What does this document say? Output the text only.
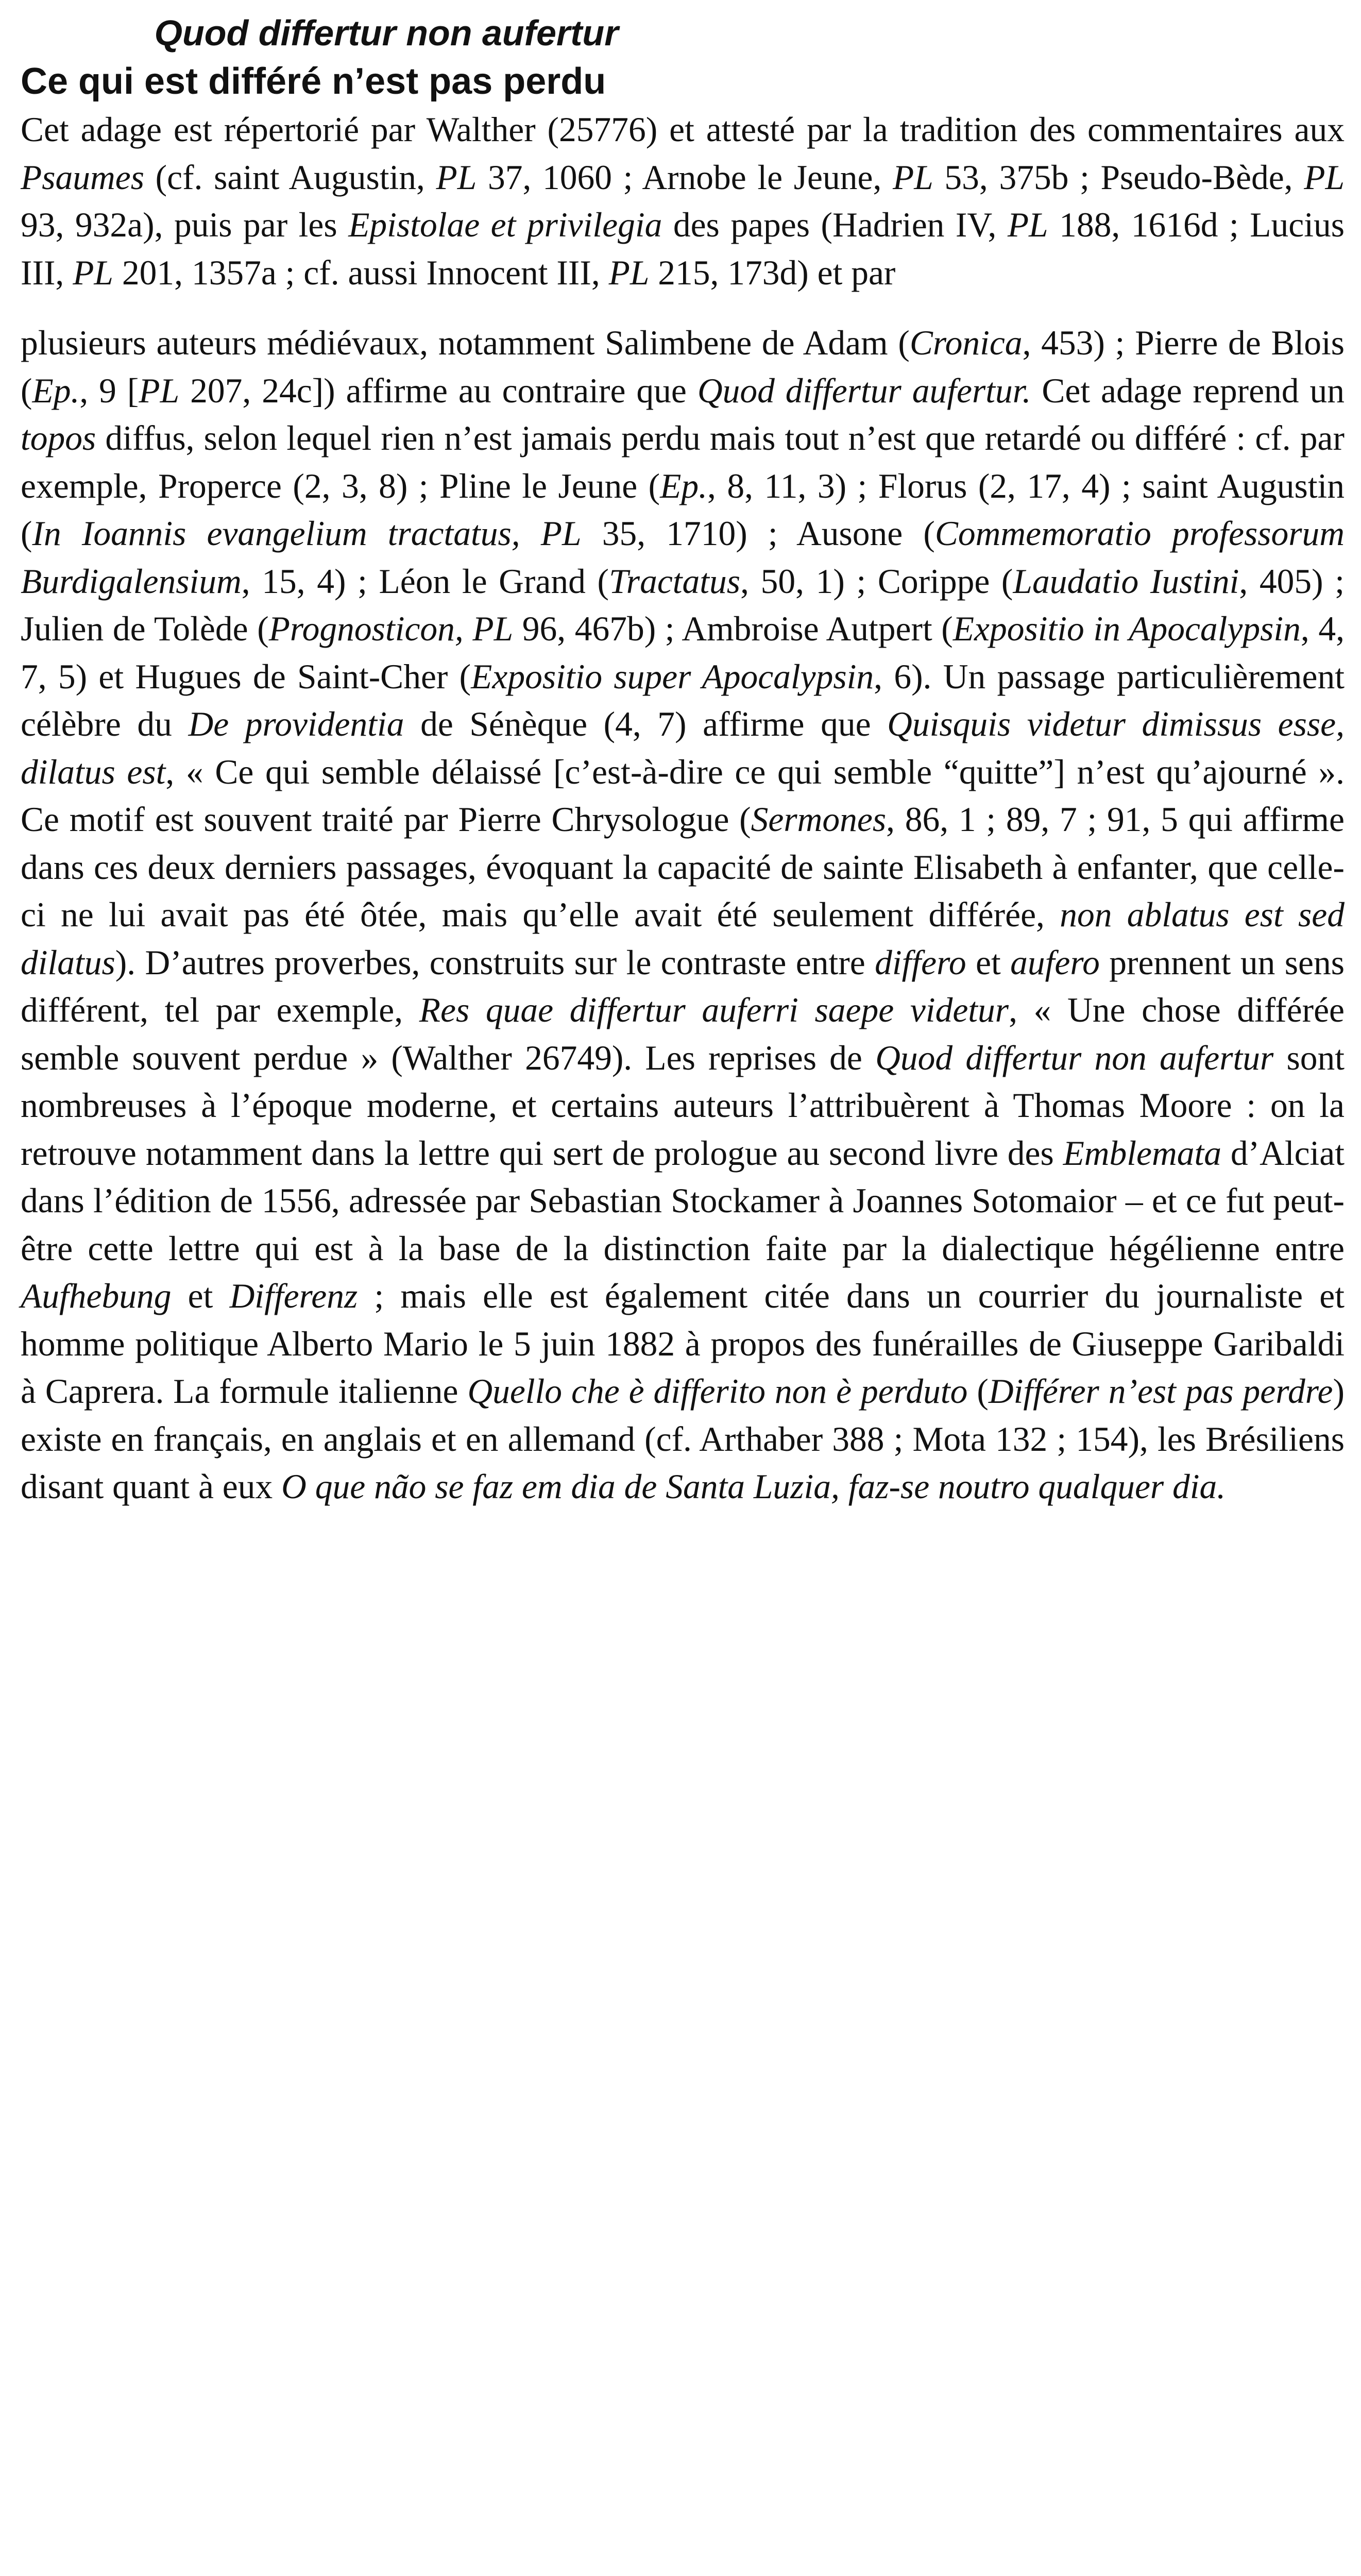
Quod differtur non aufertur
Ce qui est différé n’est pas perdu

Cet adage est répertorié par Walther (25776) et attesté par la tradition des commentaires aux Psaumes (cf. saint Augustin, PL 37, 1060 ; Arnobe le Jeune, PL 53, 375b ; Pseudo-Bède, PL 93, 932a), puis par les Epistolae et privilegia des papes (Hadrien IV, PL 188, 1616d ; Lucius III, PL 201, 1357a ; cf. aussi Innocent III, PL 215, 173d) et par

plusieurs auteurs médiévaux, notamment Salimbene de Adam (Cronica, 453) ; Pierre de Blois (Ep., 9 [PL 207, 24c]) affirme au contraire que Quod differtur aufertur. Cet adage reprend un topos diffus, selon lequel rien n’est jamais perdu mais tout n’est que retardé ou différé : cf. par exemple, Properce (2, 3, 8) ; Pline le Jeune (Ep., 8, 11, 3) ; Florus (2, 17, 4) ; saint Augustin (In Ioannis evangelium tractatus, PL 35, 1710) ; Ausone (Commemoratio professorum Burdigalensium, 15, 4) ; Léon le Grand (Tractatus, 50, 1) ; Corippe (Laudatio Iustini, 405) ; Julien de Tolède (Prognosticon, PL 96, 467b) ; Ambroise Autpert (Expositio in Apocalypsin, 4, 7, 5) et Hugues de Saint-Cher (Expositio super Apocalypsin, 6). Un passage particulièrement célèbre du De providentia de Sénèque (4, 7) affirme que Quisquis videtur dimissus esse, dilatus est, « Ce qui semble délaissé [c’est-à-dire ce qui semble “quitte”] n’est qu’ajourné ». Ce motif est souvent traité par Pierre Chrysologue (Sermones, 86, 1 ; 89, 7 ; 91, 5 qui affirme dans ces deux derniers passages, évoquant la capacité de sainte Elisabeth à enfanter, que celle-ci ne lui avait pas été ôtée, mais qu’elle avait été seulement différée, non ablatus est sed dilatus). D’autres proverbes, construits sur le contraste entre differo et aufero prennent un sens différent, tel par exemple, Res quae differtur auferri saepe videtur, « Une chose différée semble souvent perdue » (Walther 26749). Les reprises de Quod differtur non aufertur sont nombreuses à l’époque moderne, et certains auteurs l’attribuèrent à Thomas Moore : on la retrouve notamment dans la lettre qui sert de prologue au second livre des Emblemata d’Alciat dans l’édition de 1556, adressée par Sebastian Stockamer à Joannes Sotomaior – et ce fut peut-être cette lettre qui est à la base de la distinction faite par la dialectique hégélienne entre Aufhebung et Differenz ; mais elle est également citée dans un courrier du journaliste et homme politique Alberto Mario le 5 juin 1882 à propos des funérailles de Giuseppe Garibaldi à Caprera. La formule italienne Quello che è differito non è perduto (Différer n’est pas perdre) existe en français, en anglais et en allemand (cf. Arthaber 388 ; Mota 132 ; 154), les Brésiliens disant quant à eux O que não se faz em dia de Santa Luzia, faz-se noutro qualquer dia.
